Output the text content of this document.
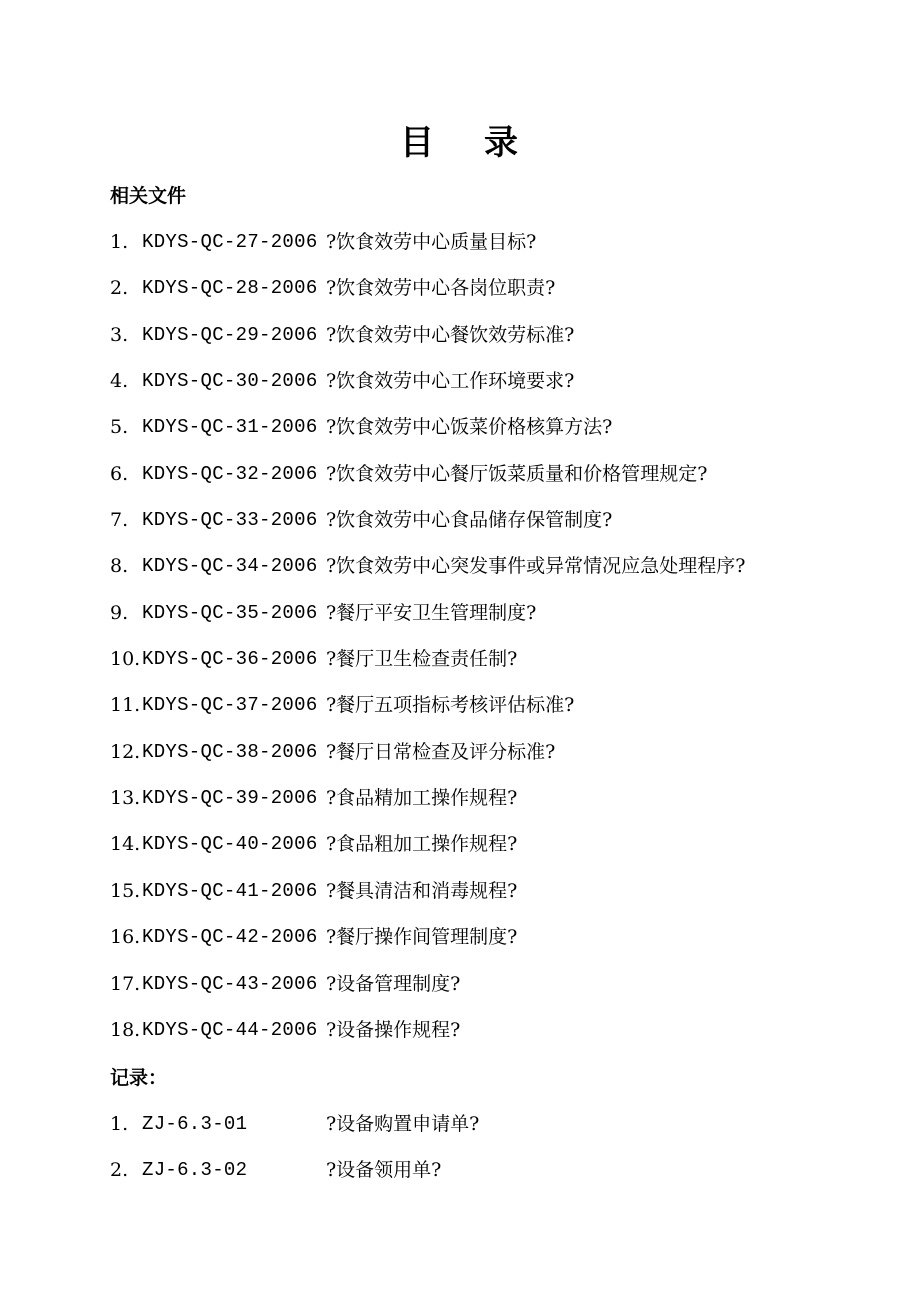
目 录
相关文件
1. KDYS-QC-27-2006 ?饮食效劳中心质量目标?
2. KDYS-QC-28-2006 ?饮食效劳中心各岗位职责?
3. KDYS-QC-29-2006 ?饮食效劳中心餐饮效劳标准?
4. KDYS-QC-30-2006 ?饮食效劳中心工作环境要求?
5. KDYS-QC-31-2006 ?饮食效劳中心饭菜价格核算方法?
6. KDYS-QC-32-2006 ?饮食效劳中心餐厅饭菜质量和价格管理规定?
7. KDYS-QC-33-2006 ?饮食效劳中心食品储存保管制度?
8. KDYS-QC-34-2006 ?饮食效劳中心突发事件或异常情况应急处理程序?
9. KDYS-QC-35-2006 ?餐厅平安卫生管理制度?
10. KDYS-QC-36-2006 ?餐厅卫生检查责任制?
11. KDYS-QC-37-2006 ?餐厅五项指标考核评估标准?
12. KDYS-QC-38-2006 ?餐厅日常检查及评分标准?
13. KDYS-QC-39-2006 ?食品精加工操作规程?
14. KDYS-QC-40-2006 ?食品粗加工操作规程?
15. KDYS-QC-41-2006 ?餐具清洁和消毒规程?
16. KDYS-QC-42-2006 ?餐厅操作间管理制度?
17. KDYS-QC-43-2006 ?设备管理制度?
18. KDYS-QC-44-2006 ?设备操作规程?
记录：
1. ZJ-6.3-01	?设备购置申请单?
2. ZJ-6.3-02	?设备领用单?
